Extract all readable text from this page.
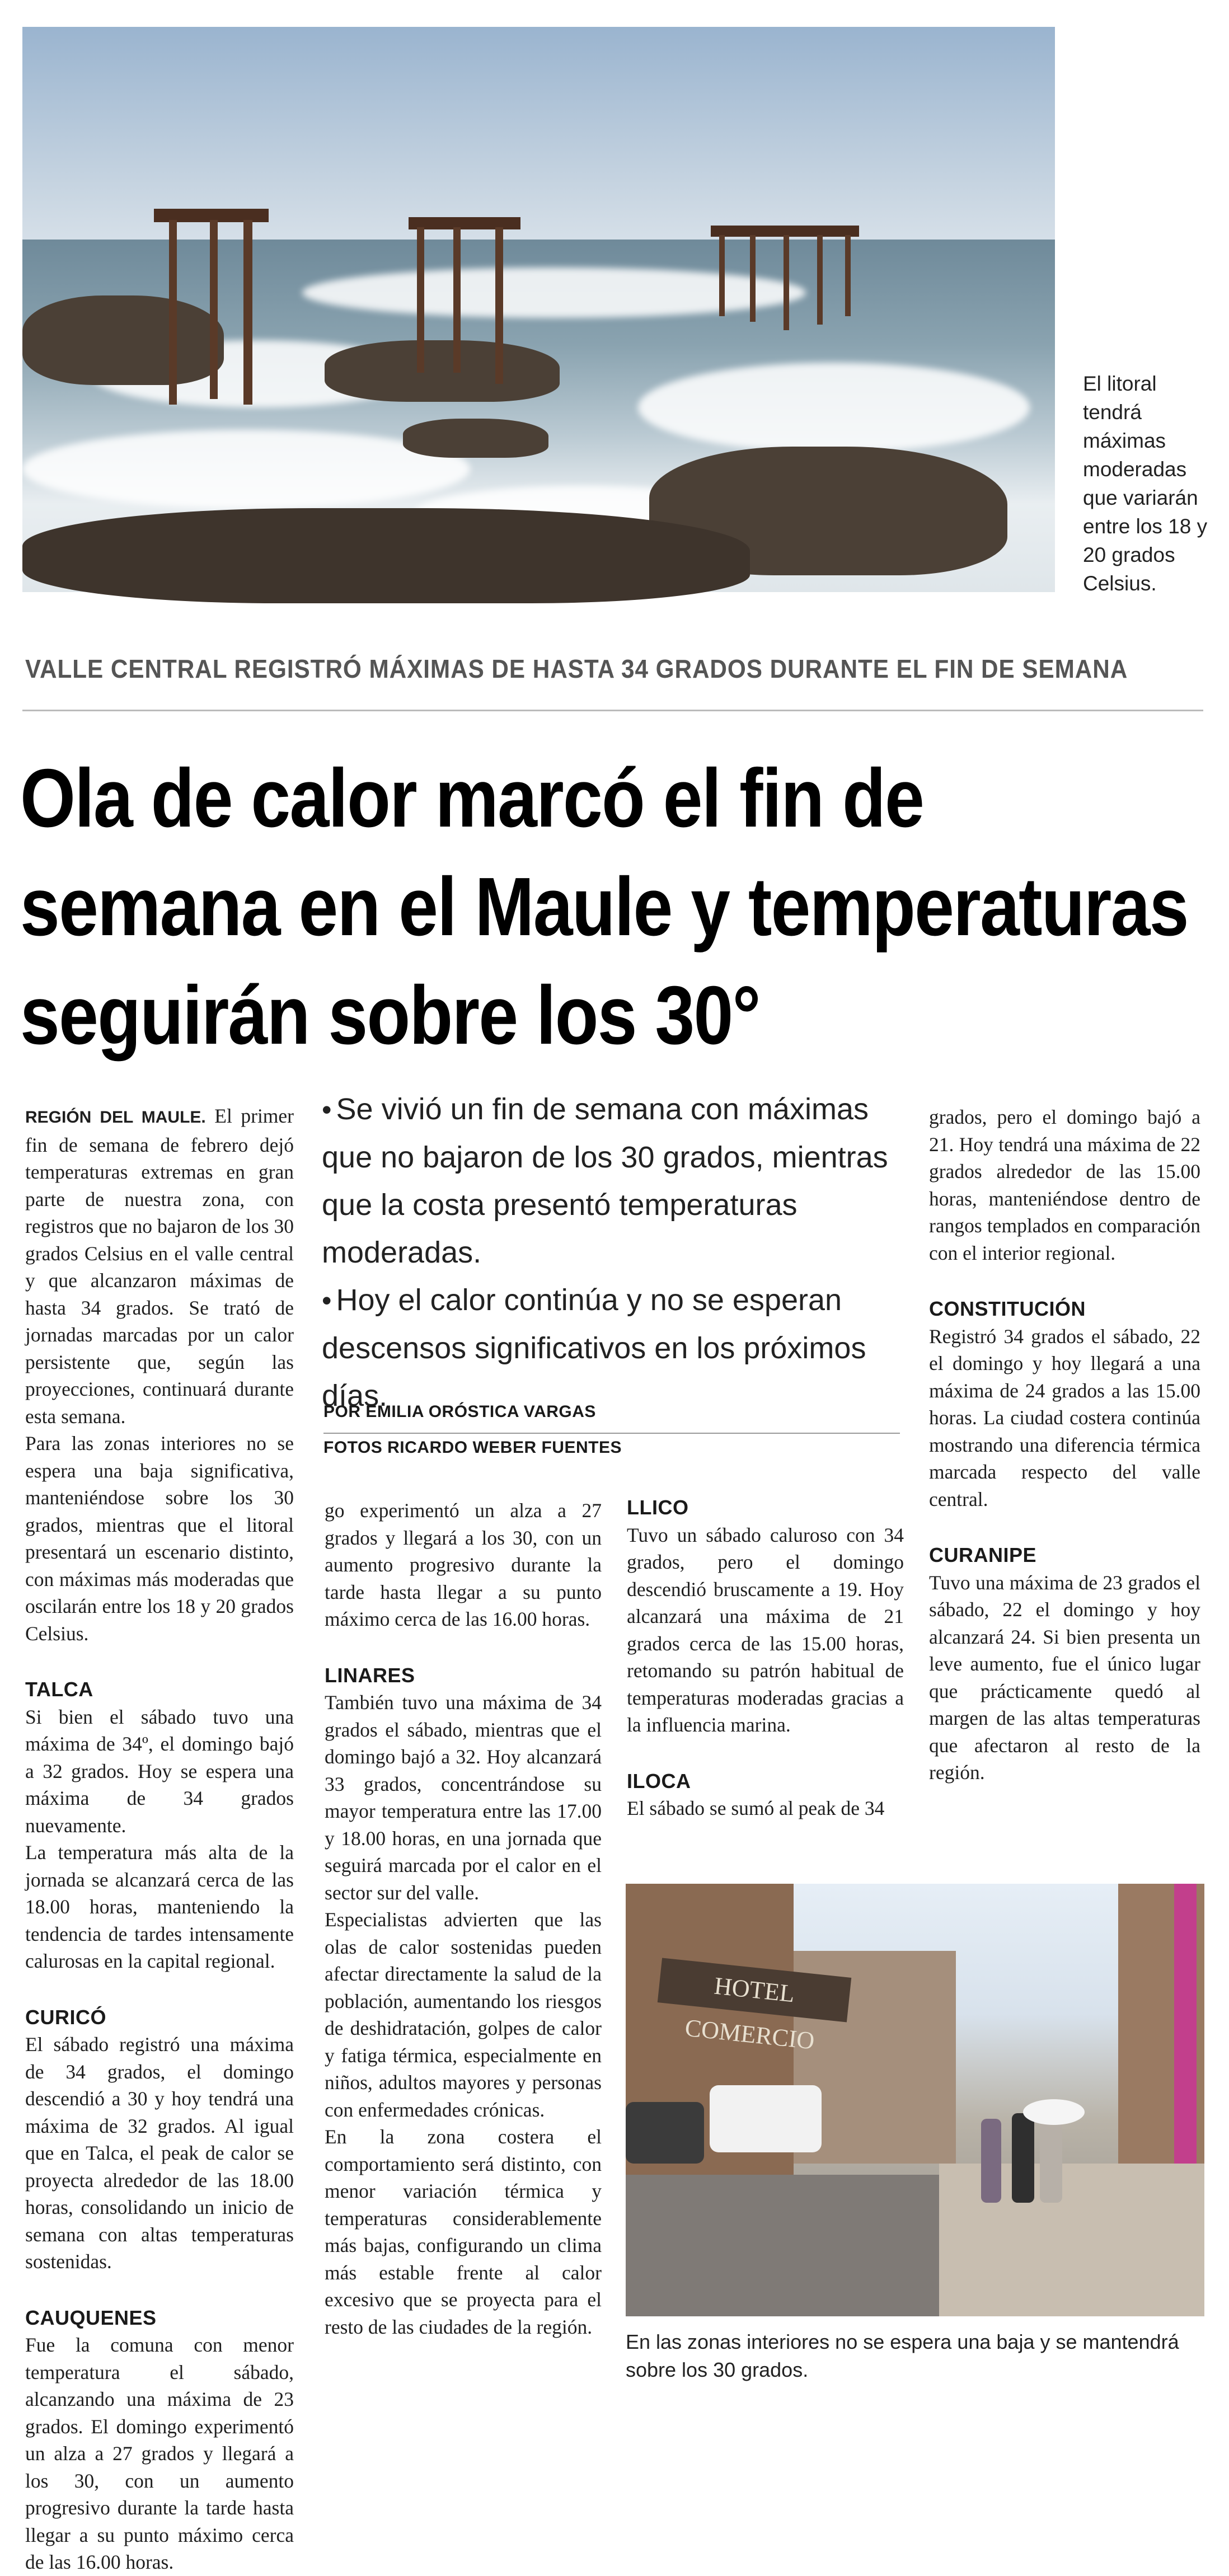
El litoral tendrá máximas moderadas que variarán entre los 18 y 20 grados Celsius.
VALLE CENTRAL REGISTRÓ MÁXIMAS DE HASTA 34 GRADOS DURANTE EL FIN DE SEMANA
Ola de calor marcó el fin de
semana en el Maule y temperaturas
seguirán sobre los 30°

REGIÓN DEL MAULE. El primer fin de semana de febrero dejó temperaturas extremas en gran parte de nuestra zona, con registros que no bajaron de los 30 grados Celsius en el valle central y que alcanzaron máximas de hasta 34 grados. Se trató de jornadas marcadas por un calor persistente que, según las proyecciones, continuará durante esta semana.

Para las zonas interiores no se espera una baja significativa, manteniéndose sobre los 30 grados, mientras que el litoral presentará un escenario distinto, con máximas más moderadas que oscilarán entre los 18 y 20 grados Celsius.

TALCA

Si bien el sábado tuvo una máxima de 34º, el domingo bajó a 32 grados. Hoy se espera una máxima de 34 grados nuevamente.

La temperatura más alta de la jornada se alcanzará cerca de las 18.00 horas, manteniendo la tendencia de tardes intensamente calurosas en la capital regional.

CURICÓ

El sábado registró una máxima de 34 grados, el domingo descendió a 30 y hoy tendrá una máxima de 32 grados. Al igual que en Talca, el peak de calor se proyecta alrededor de las 18.00 horas, consolidando un inicio de semana con altas temperaturas sostenidas.

CAUQUENES

Fue la comuna con menor temperatura el sábado, alcanzando una máxima de 23 grados. El domingo experimentó un alza a 27 grados y llegará a los 30, con un aumento progresivo durante la tarde hasta llegar a su punto máximo cerca de las 16.00 horas.

• Se vivió un fin de semana con máximas que no bajaron de los 30 grados, mientras que la costa presentó temperaturas moderadas.

• Hoy el calor continúa y no se esperan descensos significativos en los próximos días.

POR EMILIA ORÓSTICA VARGAS
FOTOS RICARDO WEBER FUENTES

go experimentó un alza a 27 grados y llegará a los 30, con un aumento progresivo durante la tarde hasta llegar a su punto máximo cerca de las 16.00 horas.

LINARES

También tuvo una máxima de 34 grados el sábado, mientras que el domingo bajó a 32. Hoy alcanzará 33 grados, concentrándose su mayor temperatura entre las 17.00 y 18.00 horas, en una jornada que seguirá marcada por el calor en el sector sur del valle.

Especialistas advierten que las olas de calor sostenidas pueden afectar directamente la salud de la población, aumentando los riesgos de deshidratación, golpes de calor y fatiga térmica, especialmente en niños, adultos mayores y personas con enfermedades crónicas.

En la zona costera el comportamiento será distinto, con menor variación térmica y temperaturas considerablemente más bajas, configurando un clima más estable frente al calor excesivo que se proyecta para el resto de las ciudades de la región.

LLICO

Tuvo un sábado caluroso con 34 grados, pero el domingo descendió bruscamente a 19. Hoy alcanzará una máxima de 21 grados cerca de las 15.00 horas, retomando su patrón habitual de temperaturas moderadas gracias a la influencia marina.

ILOCA

El sábado se sumó al peak de 34

grados, pero el domingo bajó a 21. Hoy tendrá una máxima de 22 grados alrededor de las 15.00 horas, manteniéndose dentro de rangos templados en comparación con el interior regional.

CONSTITUCIÓN

Registró 34 grados el sábado, 22 el domingo y hoy llegará a una máxima de 24 grados a las 15.00 horas. La ciudad costera continúa mostrando una diferencia térmica marcada respecto del valle central.

CURANIPE

Tuvo una máxima de 23 grados el sábado, 22 el domingo y hoy alcanzará 24. Si bien presenta un leve aumento, fue el único lugar que prácticamente quedó al margen de las altas temperaturas que afectaron al resto de la región.

HOTEL COMERCIO
En las zonas interiores no se espera una baja y se mantendrá sobre los 30 grados.
